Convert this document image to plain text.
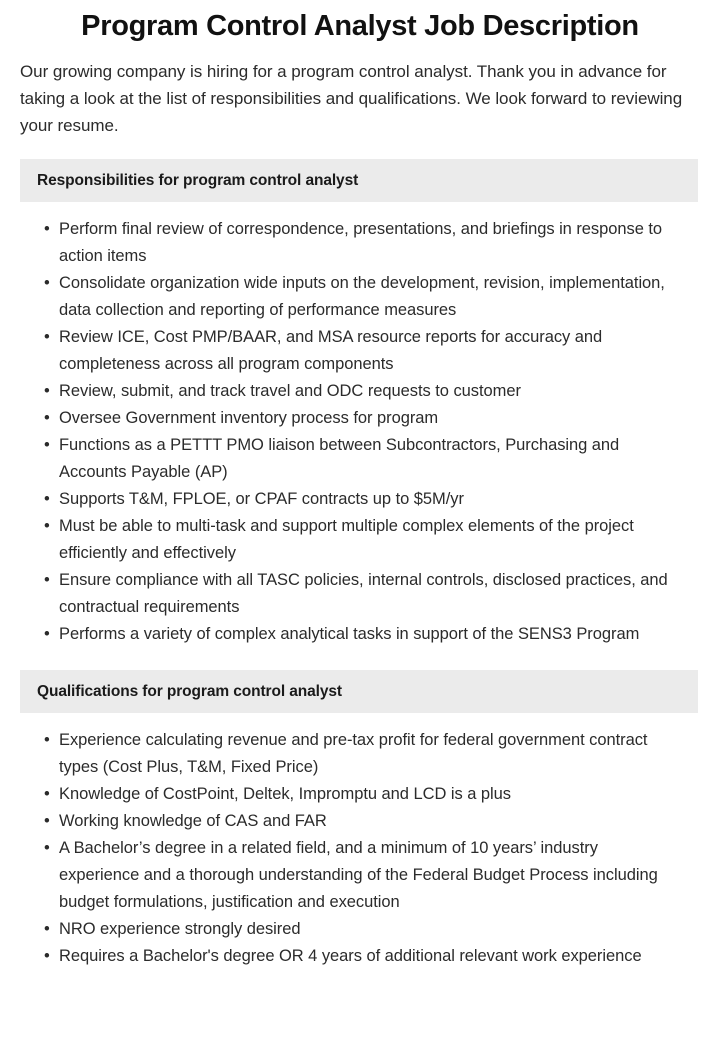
Program Control Analyst Job Description

Our growing company is hiring for a program control analyst. Thank you in advance for taking a look at the list of responsibilities and qualifications. We look forward to reviewing your resume.

Responsibilities for program control analyst
• Perform final review of correspondence, presentations, and briefings in response to action items
• Consolidate organization wide inputs on the development, revision, implementation, data collection and reporting of performance measures
• Review ICE, Cost PMP/BAAR, and MSA resource reports for accuracy and completeness across all program components
• Review, submit, and track travel and ODC requests to customer
• Oversee Government inventory process for program
• Functions as a PETTT PMO liaison between Subcontractors, Purchasing and Accounts Payable (AP)
• Supports T&M, FPLOE, or CPAF contracts up to $5M/yr
• Must be able to multi-task and support multiple complex elements of the project efficiently and effectively
• Ensure compliance with all TASC policies, internal controls, disclosed practices, and contractual requirements
• Performs a variety of complex analytical tasks in support of the SENS3 Program
Qualifications for program control analyst
• Experience calculating revenue and pre-tax profit for federal government contract types (Cost Plus, T&M, Fixed Price)
• Knowledge of CostPoint, Deltek, Impromptu and LCD is a plus
• Working knowledge of CAS and FAR
• A Bachelor’s degree in a related field, and a minimum of 10 years’ industry experience and a thorough understanding of the Federal Budget Process including budget formulations, justification and execution
• NRO experience strongly desired
• Requires a Bachelor's degree OR 4 years of additional relevant work experience
